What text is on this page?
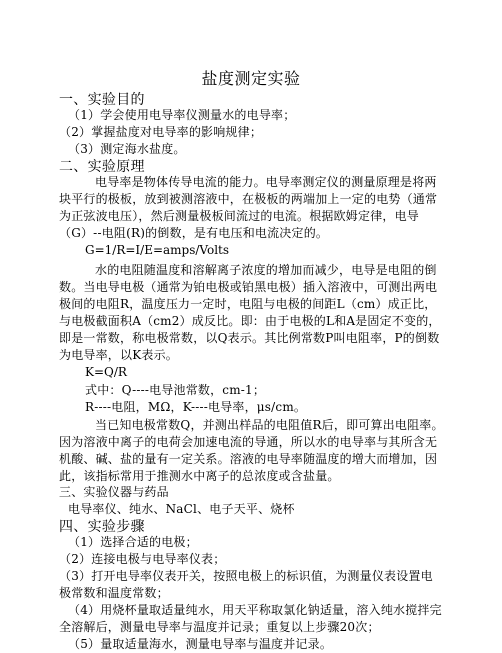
盐度测定实验
一、实验目的
（1）学会使用电导率仪测量水的电导率；
（2）掌握盐度对电导率的影响规律；
（3）测定海水盐度。
二、实验原理
电导率是物体传导电流的能力。电导率测定仪的测量原理是将两
块平行的极板，放到被测溶液中，在极板的两端加上一定的电势（通常
为正弦波电压），然后测量极板间流过的电流。根据欧姆定律，电导
（G）--电阻(R)的倒数，是有电压和电流决定的。
G=1/R=I/E=amps/Volts
水的电阻随温度和溶解离子浓度的增加而减少，电导是电阻的倒
数。当电导电极（通常为铂电极或铂黑电极）插入溶液中，可测出两电
极间的电阻R，温度压力一定时，电阻与电极的间距L（cm）成正比，
与电极截面积A（cm2）成反比。即：由于电极的L和A是固定不变的，
即是一常数，称电极常数，以Q表示。其比例常数P叫电阻率，P的倒数
为电导率，以K表示。
K=Q/R
式中：Q----电导池常数，cm-1；
R----电阻，MΩ，K----电导率，μs/cm。
当已知电极常数Q，并测出样品的电阻值R后，即可算出电阻率。
因为溶液中离子的电荷会加速电流的导通，所以水的电导率与其所含无
机酸、碱、盐的量有一定关系。溶液的电导率随温度的增大而增加，因
此，该指标常用于推测水中离子的总浓度或含盐量。
三、实验仪器与药品
电导率仪、纯水、NaCl、电子天平、烧杯
四、实验步骤
（1）选择合适的电极；
（2）连接电极与电导率仪表；
（3）打开电导率仪表开关，按照电极上的标识值，为测量仪表设置电
极常数和温度常数；
（4）用烧杯量取适量纯水，用天平称取氯化钠适量，溶入纯水搅拌完
全溶解后，测量电导率与温度并记录；重复以上步骤20次；
（5）量取适量海水，测量电导率与温度并记录。
